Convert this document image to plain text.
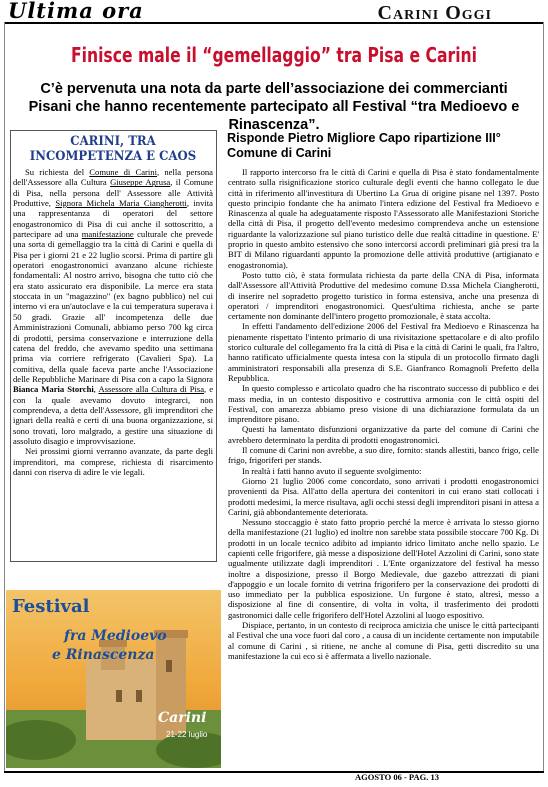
Ultima ora	Carini Oggi
Finisce male il “gemellaggio” tra Pisa e Carini
C’è pervenuta una nota da parte dell’associazione dei commercianti Pisani che hanno recentemente partecipato all Festival “tra Medioevo e Rinascenza”.
CARINI, TRA INCOMPETENZA E CAOS

Su richiesta del Comune di Carini, nella persona dell'Assessore alla Cultura Giuseppe Agrusa, il Comune di Pisa, nella persona dell' Assessore alle Attività Produttive, Signora Michela Maria Ciangherotti, invita una rappresentanza di operatori del settore enogastronomico di Pisa di cui anche il sottoscritto, a partecipare ad una manifestazione culturale che prevede una sorta di gemellaggio tra la città di Carini e quella di Pisa per i giorni 21 e 22 luglio scorsi. Prima di partire gli operatori enogastronomici avanzano alcune richieste fondamentali: Al nostro arrivo, bisogna che tutto ciò che era stato assicurato era disponibile. La merce era stata stoccata in un "magazzino" (ex bagno pubblico) nel cui interno vi era un'autoclave e la cui temperatura superava i 50 gradi. Grazie all' incompetenza delle due Amministrazioni Comunali, abbiamo perso 700 kg circa di prodotti, persima conservazione e interruzione della catena del freddo, che avevamo spedito una settimana prima via corriere refrigerato (Cavalieri Spa). La comitiva, della quale faceva parte anche l'Associazione delle Repubbliche Marinare di Pisa con a capo la Signora Bianca Maria Storchi, Assessore alla Cultura di Pisa, e con la quale avevamo dovuto integrarci, non comprendeva, a detta dell'Assessore, gli imprenditori che ignari della realtà e certi di una buona organizzazione, si sono trovati, loro malgrado, a gestire una situazione di assoluto disagio e improvvisazione.

Nei prossimi giorni verranno avanzate, da parte degli imprenditori, ma comprese, richiesta di risarcimento danni con riserva di adire le vie legali.

Festival
fra Medioevo
e Rinascenza
Carini
21-22 luglio
Risponde Pietro Migliore Capo ripartizione III° Comune di Carini

Il rapporto intercorso fra le città di Carini e quella di Pisa è stato fondamentalmente centrato sulla risignificazione storico culturale degli eventi che hanno collegato le due città in riferimento all'investitura di Ubertino La Grua di origine pisane nel 1397. Posto questo principio fondante che ha animato l'intera edizione del Festival fra Medioevo e Rinascenza al quale ha adeguatamente risposto l'Assessorato alle Manifestazioni Storiche della città di Pisa, il progetto dell'evento medesimo comprendeva anche un estensione riguardante la valorizzazione sul piano turistico delle due realtà cittadine in questione. E' proprio in questo ambito estensivo che sono intercorsi accordi preliminari già presi tra la BIT di Milano riguardanti appunto la promozione delle attività produttive (artigianato e enogastronomia).

Posto tutto ciò, è stata formulata richiesta da parte della CNA di Pisa, informata dall'Assessore all'Attività Produttive del medesimo comune D.ssa Michela Ciangherotti, di inserire nel sopradetto progetto turistico in forma estensiva, anche una presenza di operatori / imprenditori enogastronomici. Quest'ultima richiesta, anche se parte certamente non dominante dell'intero progetto promozionale, è stata accolta.

In effetti l'andamento dell'edizione 2006 del Festival fra Medioevo e Rinascenza ha pienamente rispettato l'intento primario di una rivisitazione spettacolare e di alto profilo storico culturale del collegamento fra la città di Pisa e la città di Carini le quali, fra l'altro, hanno ratificato ufficialmente questa intesa con la stipula di un protocollo firmato dagli amministratori responsabili alla presenza di S.E. Gianfranco Romagnoli Prefetto della Repubblica.

In questo complesso e articolato quadro che ha riscontrato successo di pubblico e dei mass media, in un contesto dispositivo e costruttiva armonia con le città ospiti del Festival, con amarezza abbiamo preso visione di una dichiarazione formulata da un imprenditore pisano.

Questi ha lamentato disfunzioni organizzative da parte del comune di Carini che avrebbero determinato la perdita di prodotti enogastronomici.

Il comune di Carini non avrebbe, a suo dire, fornito: stands allestiti, banco frigo, celle frigo, frigoriferi per stands.

In realtà i fatti hanno avuto il seguente svolgimento:

Giorno 21 luglio 2006 come concordato, sono arrivati i prodotti enogastronomici provenienti da Pisa. All'atto della apertura dei contenitori in cui erano stati collocati i prodotti medesimi, la merce risultava, agli occhi stessi degli imprenditori pisani in attesa a Carini, già abbondantemente deteriorata.

Nessuno stoccaggio è stato fatto proprio perché la merce è arrivata lo stesso giorno della manifestazione (21 luglio) ed inoltre non sarebbe stata possibile stoccare 700 Kg. Di prodotti in un locale tecnico adibito ad impianto idrico limitato anche nello spazio. Le capienti celle frigorifere, già messe a disposizione dell'Hotel Azzolini di Carini, sono state ugualmente utilizzate dagli imprenditori . L'Ente organizzatore del festival ha messo inoltre a disposizione, presso il Borgo Medievale, due gazebo attrezzati di piani d'appoggio e un locale fornito di vetrina frigorifero per la conservazione dei prodotti di uso immediato per la pubblica esposizione. Un furgone è stato, altresì, messo a disposizione al fine di consentire, di volta in volta, il trasferimento dei prodotti gastronomici dalle celle frigorifero dell'Hotel Azzolini al luogo espositivo.

Dispiace, pertanto, in un contesto di reciproca amicizia che unisce le città partecipanti al Festival che una voce fuori dal coro , a causa di un incidente certamente non imputabile al comune di Carini , si ritiene, ne anche al comune di Pisa, getti discredito su una manifestazione la cui eco si è affermata a livello nazionale.

AGOSTO 06 - PAG. 13
